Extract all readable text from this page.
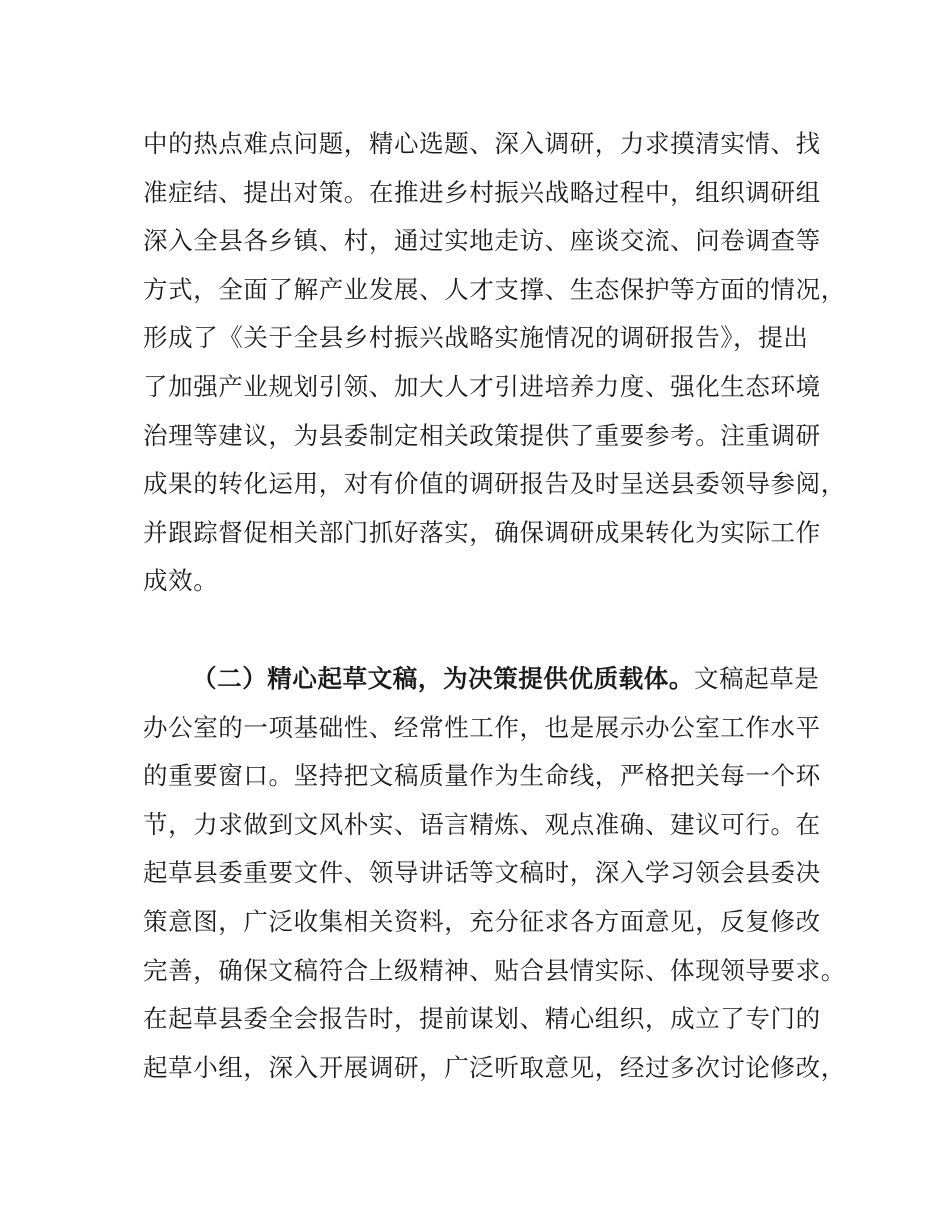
中的热点难点问题，精心选题、深入调研，力求摸清实情、找
准症结、提出对策。在推进乡村振兴战略过程中，组织调研组
深入全县各乡镇、村，通过实地走访、座谈交流、问卷调查等
方式，全面了解产业发展、人才支撑、生态保护等方面的情况，
形成了《关于全县乡村振兴战略实施情况的调研报告》，提出
了加强产业规划引领、加大人才引进培养力度、强化生态环境
治理等建议，为县委制定相关政策提供了重要参考。注重调研
成果的转化运用，对有价值的调研报告及时呈送县委领导参阅，
并跟踪督促相关部门抓好落实，确保调研成果转化为实际工作
成效。
（二）精心起草文稿，为决策提供优质载体。文稿起草是
办公室的一项基础性、经常性工作，也是展示办公室工作水平
的重要窗口。坚持把文稿质量作为生命线，严格把关每一个环
节，力求做到文风朴实、语言精炼、观点准确、建议可行。在
起草县委重要文件、领导讲话等文稿时，深入学习领会县委决
策意图，广泛收集相关资料，充分征求各方面意见，反复修改
完善，确保文稿符合上级精神、贴合县情实际、体现领导要求。
在起草县委全会报告时，提前谋划、精心组织，成立了专门的
起草小组，深入开展调研，广泛听取意见，经过多次讨论修改，
